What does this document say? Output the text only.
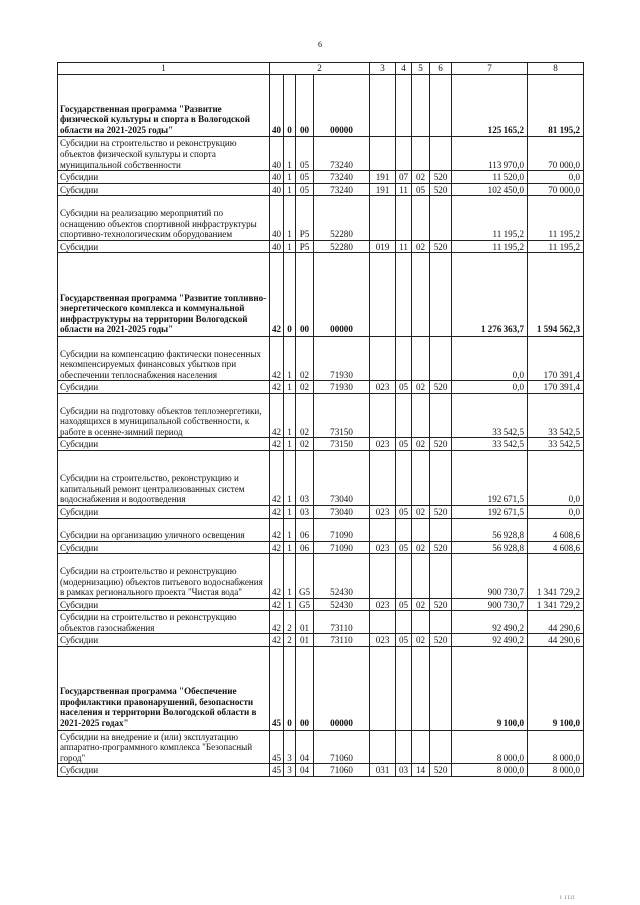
6
1	2				3	4	5	6	7	8
Государственная программа "Развитие физической культуры и спорта в Вологодской области на 2021-2025 годы"	40	0	00	00000					125 165,2	81 195,2
Субсидии на строительство и реконструкцию объектов физической культуры и спорта муниципальной собственности	40	1	05	73240					113 970,0	70 000,0
Субсидии	40	1	05	73240	191	07	02	520	11 520,0	0,0
Субсидии	40	1	05	73240	191	11	05	520	102 450,0	70 000,0
Субсидии на реализацию мероприятий по оснащению объектов спортивной инфраструктуры спортивно-технологическим оборудованием	40	1	P5	52280					11 195,2	11 195,2
Субсидии	40	1	P5	52280	019	11	02	520	11 195,2	11 195,2
Государственная программа "Развитие топливно-энергетического комплекса и коммунальной инфраструктуры на территории Вологодской области на 2021-2025 годы"	42	0	00	00000					1 276 363,7	1 594 562,3
Субсидии на компенсацию фактически понесенных некомпенсируемых финансовых убытков при обеспечении теплоснабжения населения	42	1	02	71930					0,0	170 391,4
Субсидии	42	1	02	71930	023	05	02	520	0,0	170 391,4
Субсидии на подготовку объектов теплоэнергетики, находящихся в муниципальной собственности, к работе в осенне-зимний период	42	1	02	73150					33 542,5	33 542,5
Субсидии	42	1	02	73150	023	05	02	520	33 542,5	33 542,5
Субсидии на строительство, реконструкцию и капитальный ремонт централизованных систем водоснабжения и водоотведения	42	1	03	73040					192 671,5	0,0
Субсидии	42	1	03	73040	023	05	02	520	192 671,5	0,0
Субсидии на организацию уличного освещения	42	1	06	71090					56 928,8	4 608,6
Субсидии	42	1	06	71090	023	05	02	520	56 928,8	4 608,6
Субсидии на строительство и реконструкцию (модернизацию) объектов питьевого водоснабжения в рамках регионального проекта "Чистая вода"	42	1	G5	52430					900 730,7	1 341 729,2
Субсидии	42	1	G5	52430	023	05	02	520	900 730,7	1 341 729,2
Субсидии на строительство и реконструкцию объектов газоснабжения	42	2	01	73110					92 490,2	44 290,6
Субсидии	42	2	01	73110	023	05	02	520	92 490,2	44 290,6
Государственная программа "Обеспечение профилактики правонарушений, безопасности населения и территории Вологодской области в 2021-2025 годах"	45	0	00	00000					9 100,0	9 100,0
Субсидии на внедрение и (или) эксплуатацию аппаратно-программного комплекса "Безопасный город"	45	3	04	71060					8 000,0	8 000,0
Субсидии	45	3	04	71060	031	03	14	520	8 000,0	8 000,0
І ІІІІ
